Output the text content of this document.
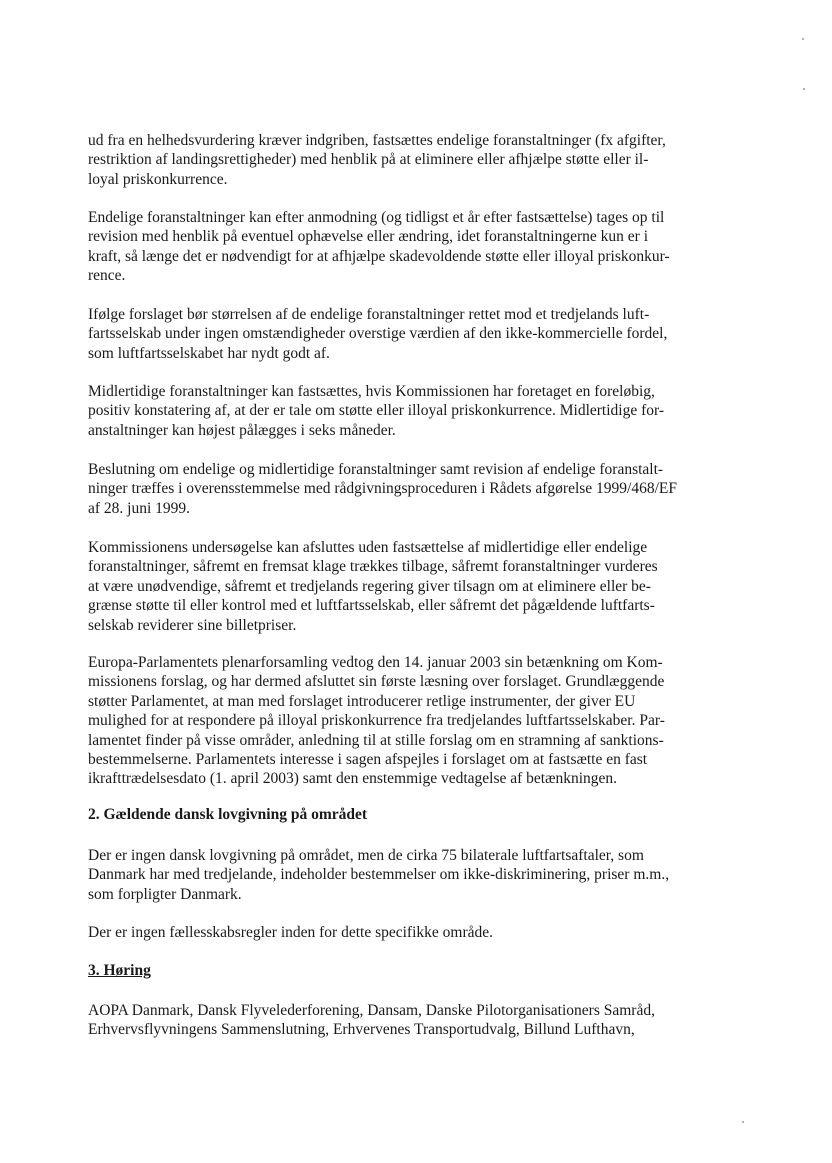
ud fra en helhedsvurdering kræver indgriben, fastsættes endelige foranstaltninger (fx afgifter,
restriktion af landingsrettigheder) med henblik på at eliminere eller afhjælpe støtte eller il-
loyal priskonkurrence.

Endelige foranstaltninger kan efter anmodning (og tidligst et år efter fastsættelse) tages op til
revision med henblik på eventuel ophævelse eller ændring, idet foranstaltningerne kun er i
kraft, så længe det er nødvendigt for at afhjælpe skadevoldende støtte eller illoyal priskonkur-
rence.

Ifølge forslaget bør størrelsen af de endelige foranstaltninger rettet mod et tredjelands luft-
fartsselskab under ingen omstændigheder overstige værdien af den ikke-kommercielle fordel,
som luftfartsselskabet har nydt godt af.

Midlertidige foranstaltninger kan fastsættes, hvis Kommissionen har foretaget en foreløbig,
positiv konstatering af, at der er tale om støtte eller illoyal priskonkurrence. Midlertidige for-
anstaltninger kan højest pålægges i seks måneder.

Beslutning om endelige og midlertidige foranstaltninger samt revision af endelige foranstalt-
ninger træffes i overensstemmelse med rådgivningsproceduren i Rådets afgørelse 1999/468/EF
af 28. juni 1999.

Kommissionens undersøgelse kan afsluttes uden fastsættelse af midlertidige eller endelige
foranstaltninger, såfremt en fremsat klage trækkes tilbage, såfremt foranstaltninger vurderes
at være unødvendige, såfremt et tredjelands regering giver tilsagn om at eliminere eller be-
grænse støtte til eller kontrol med et luftfartsselskab, eller såfremt det pågældende luftfarts-
selskab reviderer sine billetpriser.

Europa-Parlamentets plenarforsamling vedtog den 14. januar 2003 sin betænkning om Kom-
missionens forslag, og har dermed afsluttet sin første læsning over forslaget. Grundlæggende
støtter Parlamentet, at man med forslaget introducerer retlige instrumenter, der giver EU
mulighed for at respondere på illoyal priskonkurrence fra tredjelandes luftfartsselskaber. Par-
lamentet finder på visse områder, anledning til at stille forslag om en stramning af sanktions-
bestemmelserne. Parlamentets interesse i sagen afspejles i forslaget om at fastsætte en fast
ikrafttrædelsesdato (1. april 2003) samt den enstemmige vedtagelse af betænkningen.

2. Gældende dansk lovgivning på området

Der er ingen dansk lovgivning på området, men de cirka 75 bilaterale luftfartsaftaler, som
Danmark har med tredjelande, indeholder bestemmelser om ikke-diskriminering, priser m.m.,
som forpligter Danmark.

Der er ingen fællesskabsregler inden for dette specifikke område.

3. Høring

AOPA Danmark, Dansk Flyvelederforening, Dansam, Danske Pilotorganisationers Samråd,
Erhvervsflyvningens Sammenslutning, Erhvervenes Transportudvalg, Billund Lufthavn,
